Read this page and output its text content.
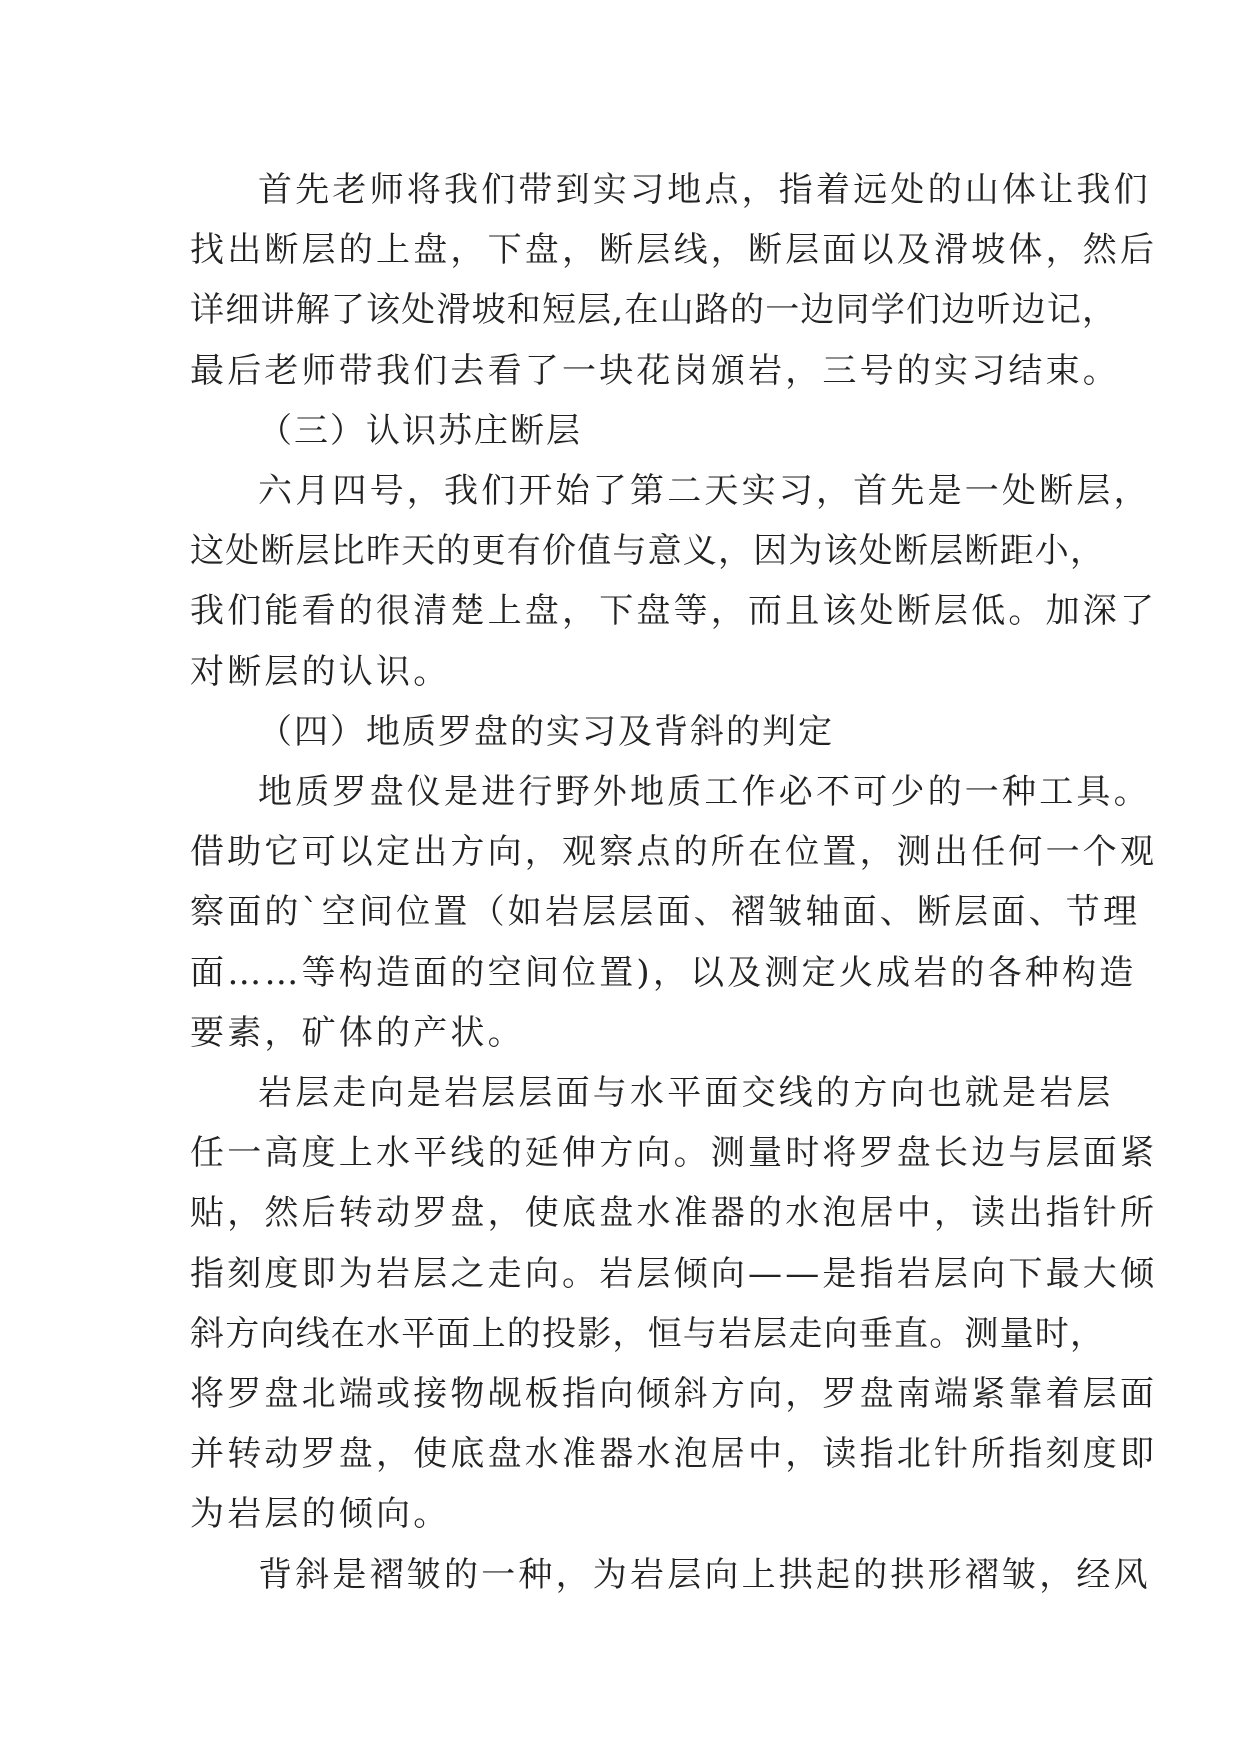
首先老师将我们带到实习地点，指着远处的山体让我们
找出断层的上盘，下盘，断层线，断层面以及滑坡体，然后
详细讲解了该处滑坡和短层,在山路的一边同学们边听边记，
最后老师带我们去看了一块花岗頒岩，三号的实习结束。

（三）认识苏庄断层

六月四号，我们开始了第二天实习，首先是一处断层，
这处断层比昨天的更有价值与意义，因为该处断层断距小，
我们能看的很清楚上盘，下盘等，而且该处断层低。加深了
对断层的认识。

（四）地质罗盘的实习及背斜的判定

地质罗盘仪是进行野外地质工作必不可少的一种工具。
借助它可以定出方向，观察点的所在位置，测出任何一个观
察面的`空间位置（如岩层层面、褶皱轴面、断层面、节理
面……等构造面的空间位置)，以及测定火成岩的各种构造
要素，矿体的产状。

岩层走向是岩层层面与水平面交线的方向也就是岩层
任一高度上水平线的延伸方向。测量时将罗盘长边与层面紧
贴，然后转动罗盘，使底盘水准器的水泡居中，读出指针所
指刻度即为岩层之走向。岩层倾向——是指岩层向下最大倾
斜方向线在水平面上的投影，恒与岩层走向垂直。测量时，
将罗盘北端或接物觇板指向倾斜方向，罗盘南端紧靠着层面
并转动罗盘，使底盘水准器水泡居中，读指北针所指刻度即
为岩层的倾向。

背斜是褶皱的一种，为岩层向上拱起的拱形褶皱，经风
